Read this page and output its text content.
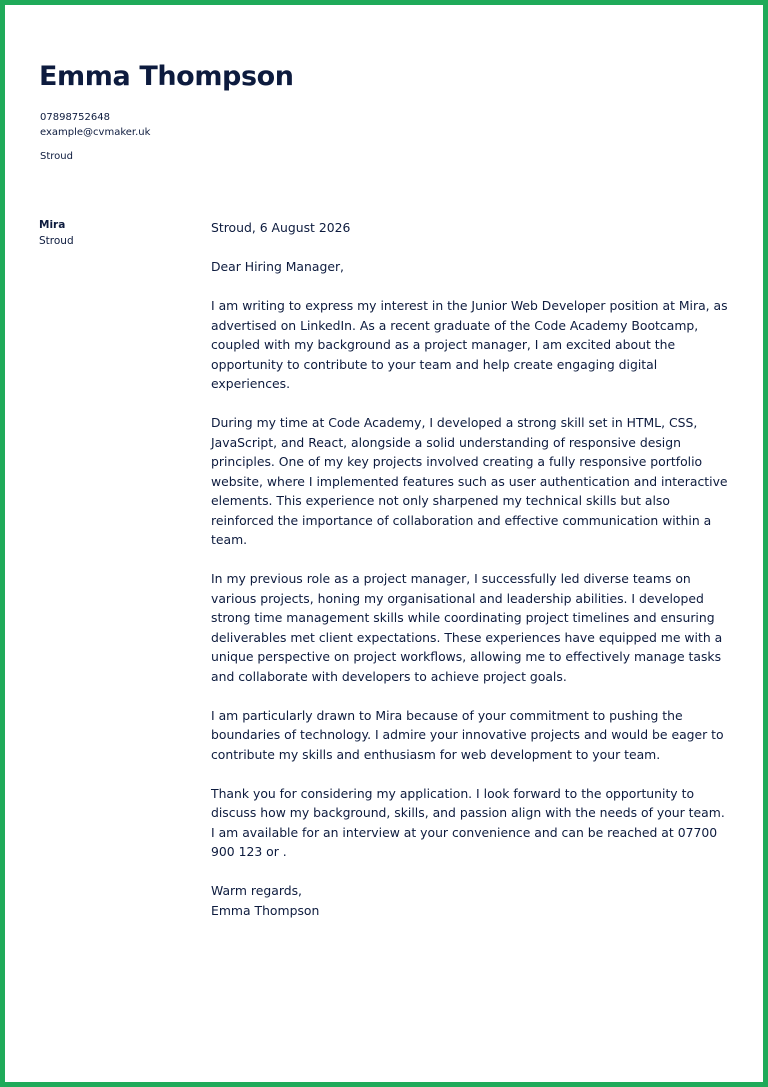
Emma Thompson
07898752648
example@cvmaker.uk
Stroud
Mira
Stroud

Stroud, 6 August 2026

Dear Hiring Manager,

I am writing to express my interest in the Junior Web Developer position at Mira, as advertised on LinkedIn. As a recent graduate of the Code Academy Bootcamp, coupled with my background as a project manager, I am excited about the opportunity to contribute to your team and help create engaging digital experiences.

During my time at Code Academy, I developed a strong skill set in HTML, CSS, JavaScript, and React, alongside a solid understanding of responsive design principles. One of my key projects involved creating a fully responsive portfolio website, where I implemented features such as user authentication and interactive elements. This experience not only sharpened my technical skills but also reinforced the importance of collaboration and effective communication within a team.

In my previous role as a project manager, I successfully led diverse teams on various projects, honing my organisational and leadership abilities. I developed strong time management skills while coordinating project timelines and ensuring deliverables met client expectations. These experiences have equipped me with a unique perspective on project workflows, allowing me to effectively manage tasks and collaborate with developers to achieve project goals.

I am particularly drawn to Mira because of your commitment to pushing the boundaries of technology. I admire your innovative projects and would be eager to contribute my skills and enthusiasm for web development to your team.

Thank you for considering my application. I look forward to the opportunity to discuss how my background, skills, and passion align with the needs of your team. I am available for an interview at your convenience and can be reached at 07700 900 123 or .

Warm regards,
Emma Thompson
